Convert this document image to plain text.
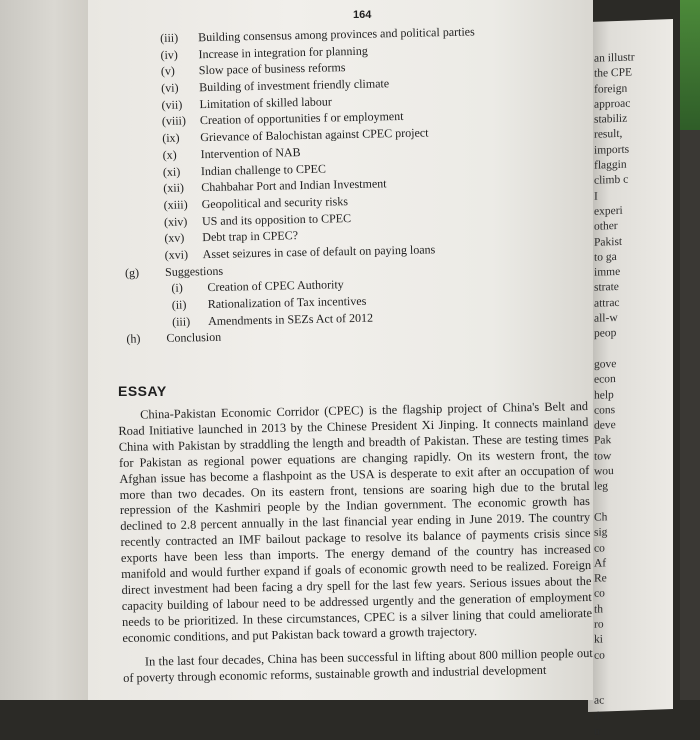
an illustr
the CPE
foreign
approac
stabiliz
result,
imports
flaggin
climb c
I
experi
other
Pakist
to ga
imme
strate
attrac
all-w
peop
gove
econ
help
cons
deve
Pak
tow
wou
leg
Ch
sig
co
Af
Re
co
th
ro
ki
co
ac
th
tr
164
(iii) Building consensus among provinces and political parties
(iv) Increase in integration for planning
(v) Slow pace of business reforms
(vi) Building of investment friendly climate
(vii) Limitation of skilled labour
(viii) Creation of opportunities f or employment
(ix) Grievance of Balochistan against CPEC project
(x) Intervention of NAB
(xi) Indian challenge to CPEC
(xii) Chahbahar Port and Indian Investment
(xiii) Geopolitical and security risks
(xiv) US and its opposition to CPEC
(xv) Debt trap in CPEC?
(xvi) Asset seizures in case of default on paying loans
(g) Suggestions
(i) Creation of CPEC Authority
(ii) Rationalization of Tax incentives
(iii) Amendments in SEZs Act of 2012
(h) Conclusion
ESSAY

China-Pakistan Economic Corridor (CPEC) is the flagship project of China's Belt and Road Initiative launched in 2013 by the Chinese President Xi Jinping. It connects mainland China with Pakistan by straddling the length and breadth of Pakistan. These are testing times for Pakistan as regional power equations are changing rapidly. On its western front, the Afghan issue has become a flashpoint as the USA is desperate to exit after an occupation of more than two decades. On its eastern front, tensions are soaring high due to the brutal repression of the Kashmiri people by the Indian government. The economic growth has declined to 2.8 percent annually in the last financial year ending in June 2019. The country recently contracted an IMF bailout package to resolve its balance of payments crisis since exports have been less than imports. The energy demand of the country has increased manifold and would further expand if goals of economic growth need to be realized. Foreign direct investment had been facing a dry spell for the last few years. Serious issues about the capacity building of labour need to be addressed urgently and the generation of employment needs to be prioritized. In these circumstances, CPEC is a silver lining that could ameliorate economic conditions, and put Pakistan back toward a growth trajectory.

In the last four decades, China has been successful in lifting about 800 million people out of poverty through economic reforms, sustainable growth and industrial development
